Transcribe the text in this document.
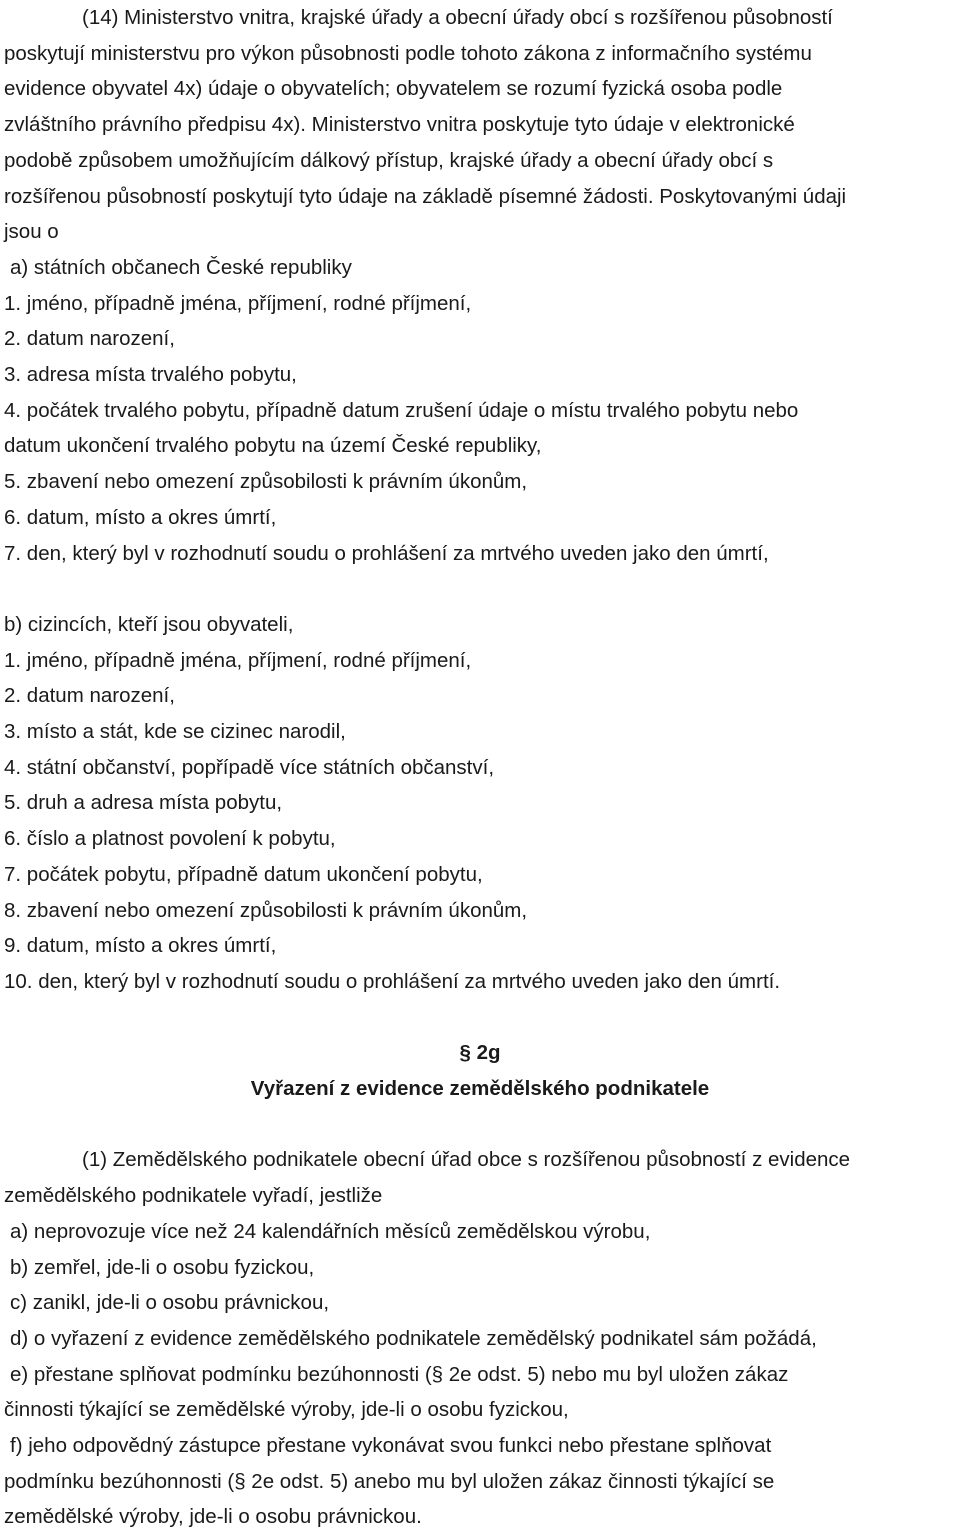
(14) Ministerstvo vnitra, krajské úřady a obecní úřady obcí s rozšířenou působností
poskytují ministerstvu pro výkon působnosti podle tohoto zákona z informačního systému
evidence obyvatel 4x) údaje o obyvatelích; obyvatelem se rozumí fyzická osoba podle
zvláštního právního předpisu 4x). Ministerstvo vnitra poskytuje tyto údaje v elektronické
podobě způsobem umožňujícím dálkový přístup, krajské úřady a obecní úřady obcí s
rozšířenou působností poskytují tyto údaje na základě písemné žádosti. Poskytovanými údaji
jsou o
a) státních občanech České republiky
1. jméno, případně jména, příjmení, rodné příjmení,
2. datum narození,
3. adresa místa trvalého pobytu,
4. počátek trvalého pobytu, případně datum zrušení údaje o místu trvalého pobytu nebo
datum ukončení trvalého pobytu na území České republiky,
5. zbavení nebo omezení způsobilosti k právním úkonům,
6. datum, místo a okres úmrtí,
7. den, který byl v rozhodnutí soudu o prohlášení za mrtvého uveden jako den úmrtí,
b) cizincích, kteří jsou obyvateli,
1. jméno, případně jména, příjmení, rodné příjmení,
2. datum narození,
3. místo a stát, kde se cizinec narodil,
4. státní občanství, popřípadě více státních občanství,
5. druh a adresa místa pobytu,
6. číslo a platnost povolení k pobytu,
7. počátek pobytu, případně datum ukončení pobytu,
8. zbavení nebo omezení způsobilosti k právním úkonům,
9. datum, místo a okres úmrtí,
10. den, který byl v rozhodnutí soudu o prohlášení za mrtvého uveden jako den úmrtí.
§ 2g
Vyřazení z evidence zemědělského podnikatele
(1) Zemědělského podnikatele obecní úřad obce s rozšířenou působností z evidence
zemědělského podnikatele vyřadí, jestliže
a) neprovozuje více než 24 kalendářních měsíců zemědělskou výrobu,
b) zemřel, jde-li o osobu fyzickou,
c) zanikl, jde-li o osobu právnickou,
d) o vyřazení z evidence zemědělského podnikatele zemědělský podnikatel sám požádá,
e) přestane splňovat podmínku bezúhonnosti (§ 2e odst. 5) nebo mu byl uložen zákaz
činnosti týkající se zemědělské výroby, jde-li o osobu fyzickou,
f) jeho odpovědný zástupce přestane vykonávat svou funkci nebo přestane splňovat
podmínku bezúhonnosti (§ 2e odst. 5) anebo mu byl uložen zákaz činnosti týkající se
zemědělské výroby, jde-li o osobu právnickou.
